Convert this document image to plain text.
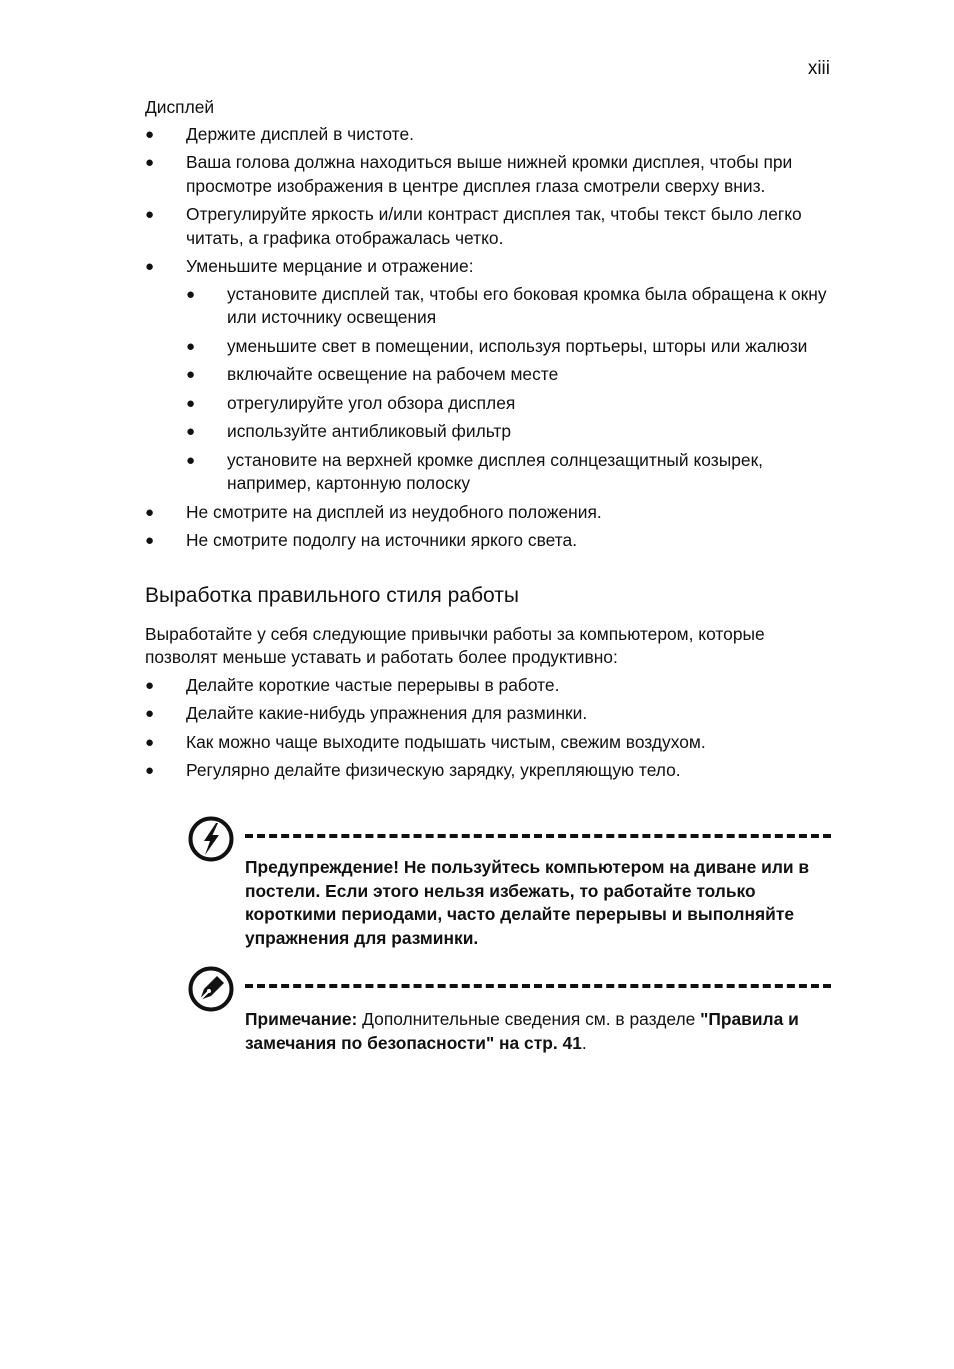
xiii
Дисплей
● Держите дисплей в чистоте.
● Ваша голова должна находиться выше нижней кромки дисплея, чтобы при просмотре изображения в центре дисплея глаза смотрели сверху вниз.
● Отрегулируйте яркость и/или контраст дисплея так, чтобы текст было легко читать, а графика отображалась четко.
● Уменьшите мерцание и отражение:
● установите дисплей так, чтобы его боковая кромка была обращена к окну или источнику освещения
● уменьшите свет в помещении, используя портьеры, шторы или жалюзи
● включайте освещение на рабочем месте
● отрегулируйте угол обзора дисплея
● используйте антибликовый фильтр
● установите на верхней кромке дисплея солнцезащитный козырек, например, картонную полоску
● Не смотрите на дисплей из неудобного положения.
● Не смотрите подолгу на источники яркого света.
Выработка правильного стиля работы

Выработайте у себя следующие привычки работы за компьютером, которые позволят меньше уставать и работать более продуктивно:

● Делайте короткие частые перерывы в работе.
● Делайте какие-нибудь упражнения для разминки.
● Как можно чаще выходите подышать чистым, свежим воздухом.
● Регулярно делайте физическую зарядку, укрепляющую тело.
Предупреждение! Не пользуйтесь компьютером на диване или в постели. Если этого нельзя избежать, то работайте только короткими периодами, часто делайте перерывы и выполняйте упражнения для разминки.
Примечание: Дополнительные сведения см. в разделе "Правила и замечания по безопасности" на стр. 41.
